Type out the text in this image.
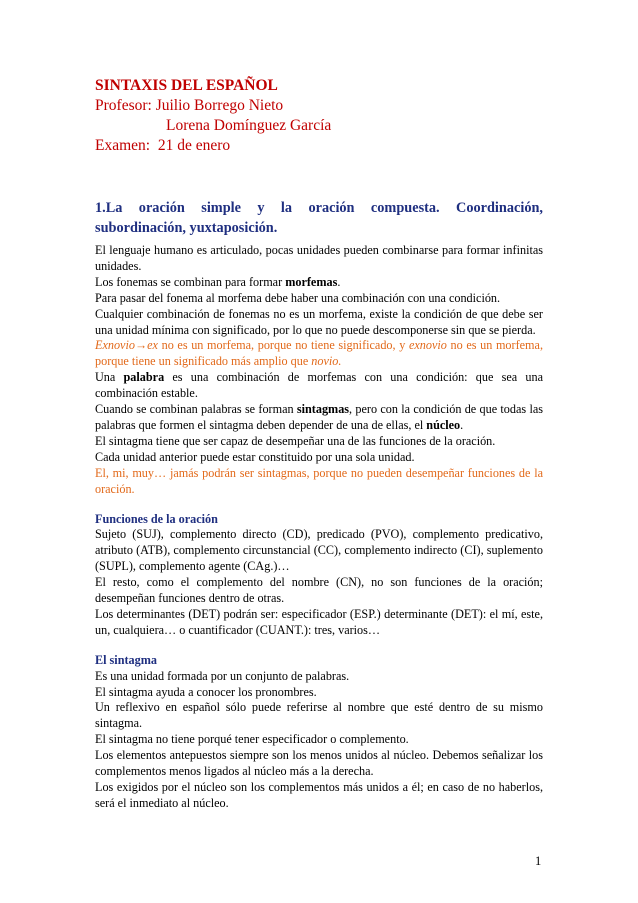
SINTAXIS DEL ESPAÑOL
Profesor: Juilio Borrego Nieto
Lorena Domínguez García
Examen: 21 de enero
1.La oración simple y la oración compuesta. Coordinación, subordinación, yuxtaposición.

El lenguaje humano es articulado, pocas unidades pueden combinarse para formar infinitas unidades.

Los fonemas se combinan para formar morfemas.

Para pasar del fonema al morfema debe haber una combinación con una condición.

Cualquier combinación de fonemas no es un morfema, existe la condición de que debe ser una unidad mínima con significado, por lo que no puede descomponerse sin que se pierda.

Exnovio→ex no es un morfema, porque no tiene significado, y exnovio no es un morfema, porque tiene un significado más amplio que novio.

Una palabra es una combinación de morfemas con una condición: que sea una combinación estable.

Cuando se combinan palabras se forman sintagmas, pero con la condición de que todas las palabras que formen el sintagma deben depender de una de ellas, el núcleo.

El sintagma tiene que ser capaz de desempeñar una de las funciones de la oración.

Cada unidad anterior puede estar constituido por una sola unidad.

El, mi, muy… jamás podrán ser sintagmas, porque no pueden desempeñar funciones de la oración.

Funciones de la oración

Sujeto (SUJ), complemento directo (CD), predicado (PVO), complemento predicativo, atributo (ATB), complemento circunstancial (CC), complemento indirecto (CI), suplemento (SUPL), complemento agente (CAg.)…

El resto, como el complemento del nombre (CN), no son funciones de la oración; desempeñan funciones dentro de otras.

Los determinantes (DET) podrán ser: especificador (ESP.) determinante (DET): el mí, este, un, cualquiera… o cuantificador (CUANT.): tres, varios…

El sintagma

Es una unidad formada por un conjunto de palabras.

El sintagma ayuda a conocer los pronombres.

Un reflexivo en español sólo puede referirse al nombre que esté dentro de su mismo sintagma.

El sintagma no tiene porqué tener especificador o complemento.

Los elementos antepuestos siempre son los menos unidos al núcleo. Debemos señalizar los complementos menos ligados al núcleo más a la derecha.

Los exigidos por el núcleo son los complementos más unidos a él; en caso de no haberlos, será el inmediato al núcleo.

1
